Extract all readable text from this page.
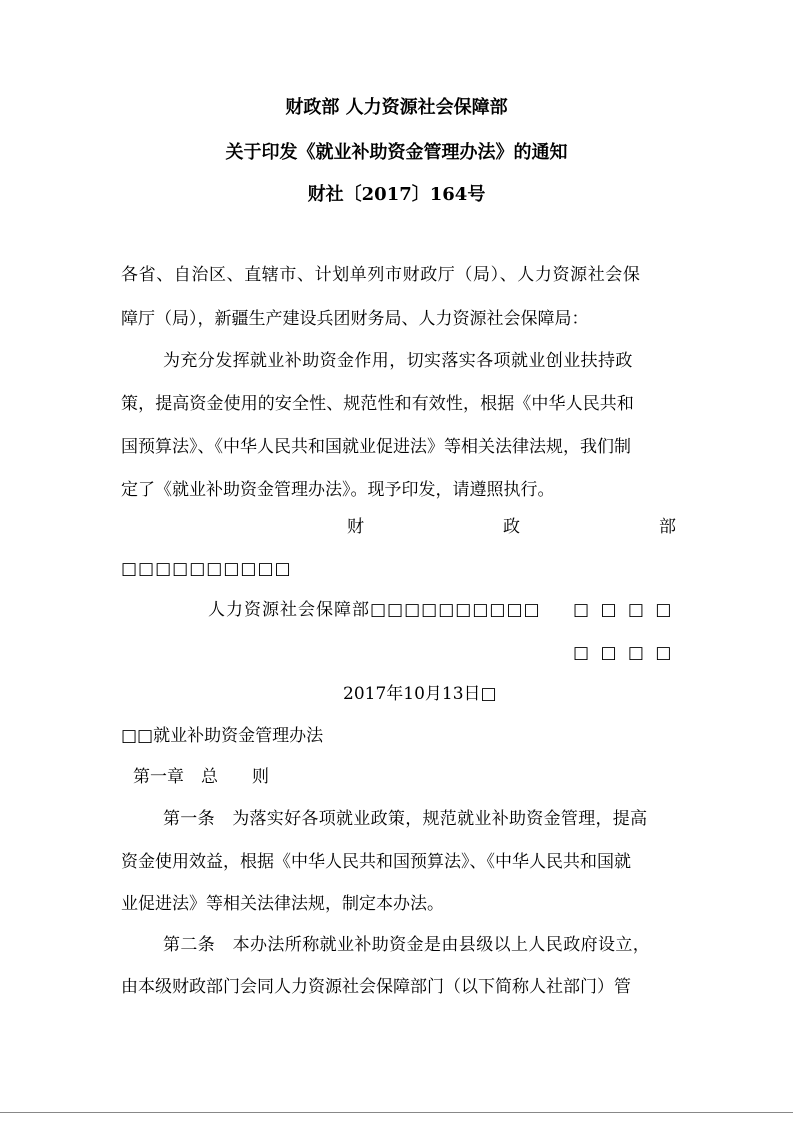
财政部 人力资源社会保障部
关于印发《就业补助资金管理办法》的通知
财社〔2017〕164号
各省、自治区、直辖市、计划单列市财政厅（局）、人力资源社会保
障厅（局），新疆生产建设兵团财务局、人力资源社会保障局：
为充分发挥就业补助资金作用，切实落实各项就业创业扶持政
策，提高资金使用的安全性、规范性和有效性，根据《中华人民共和
国预算法》、《中华人民共和国就业促进法》等相关法律法规，我们制
定了《就业补助资金管理办法》。现予印发，请遵照执行。
财	政	部
□□□□□□□□□□
人力资源社会保障部□□□□□□□□□□ □ □ □ □
□ □ □ □
2017年10月13日□
□□就业补助资金管理办法
第一章　总　　则
第一条　为落实好各项就业政策，规范就业补助资金管理，提高
资金使用效益，根据《中华人民共和国预算法》、《中华人民共和国就
业促进法》等相关法律法规，制定本办法。
第二条　本办法所称就业补助资金是由县级以上人民政府设立，
由本级财政部门会同人力资源社会保障部门（以下简称人社部门）管
